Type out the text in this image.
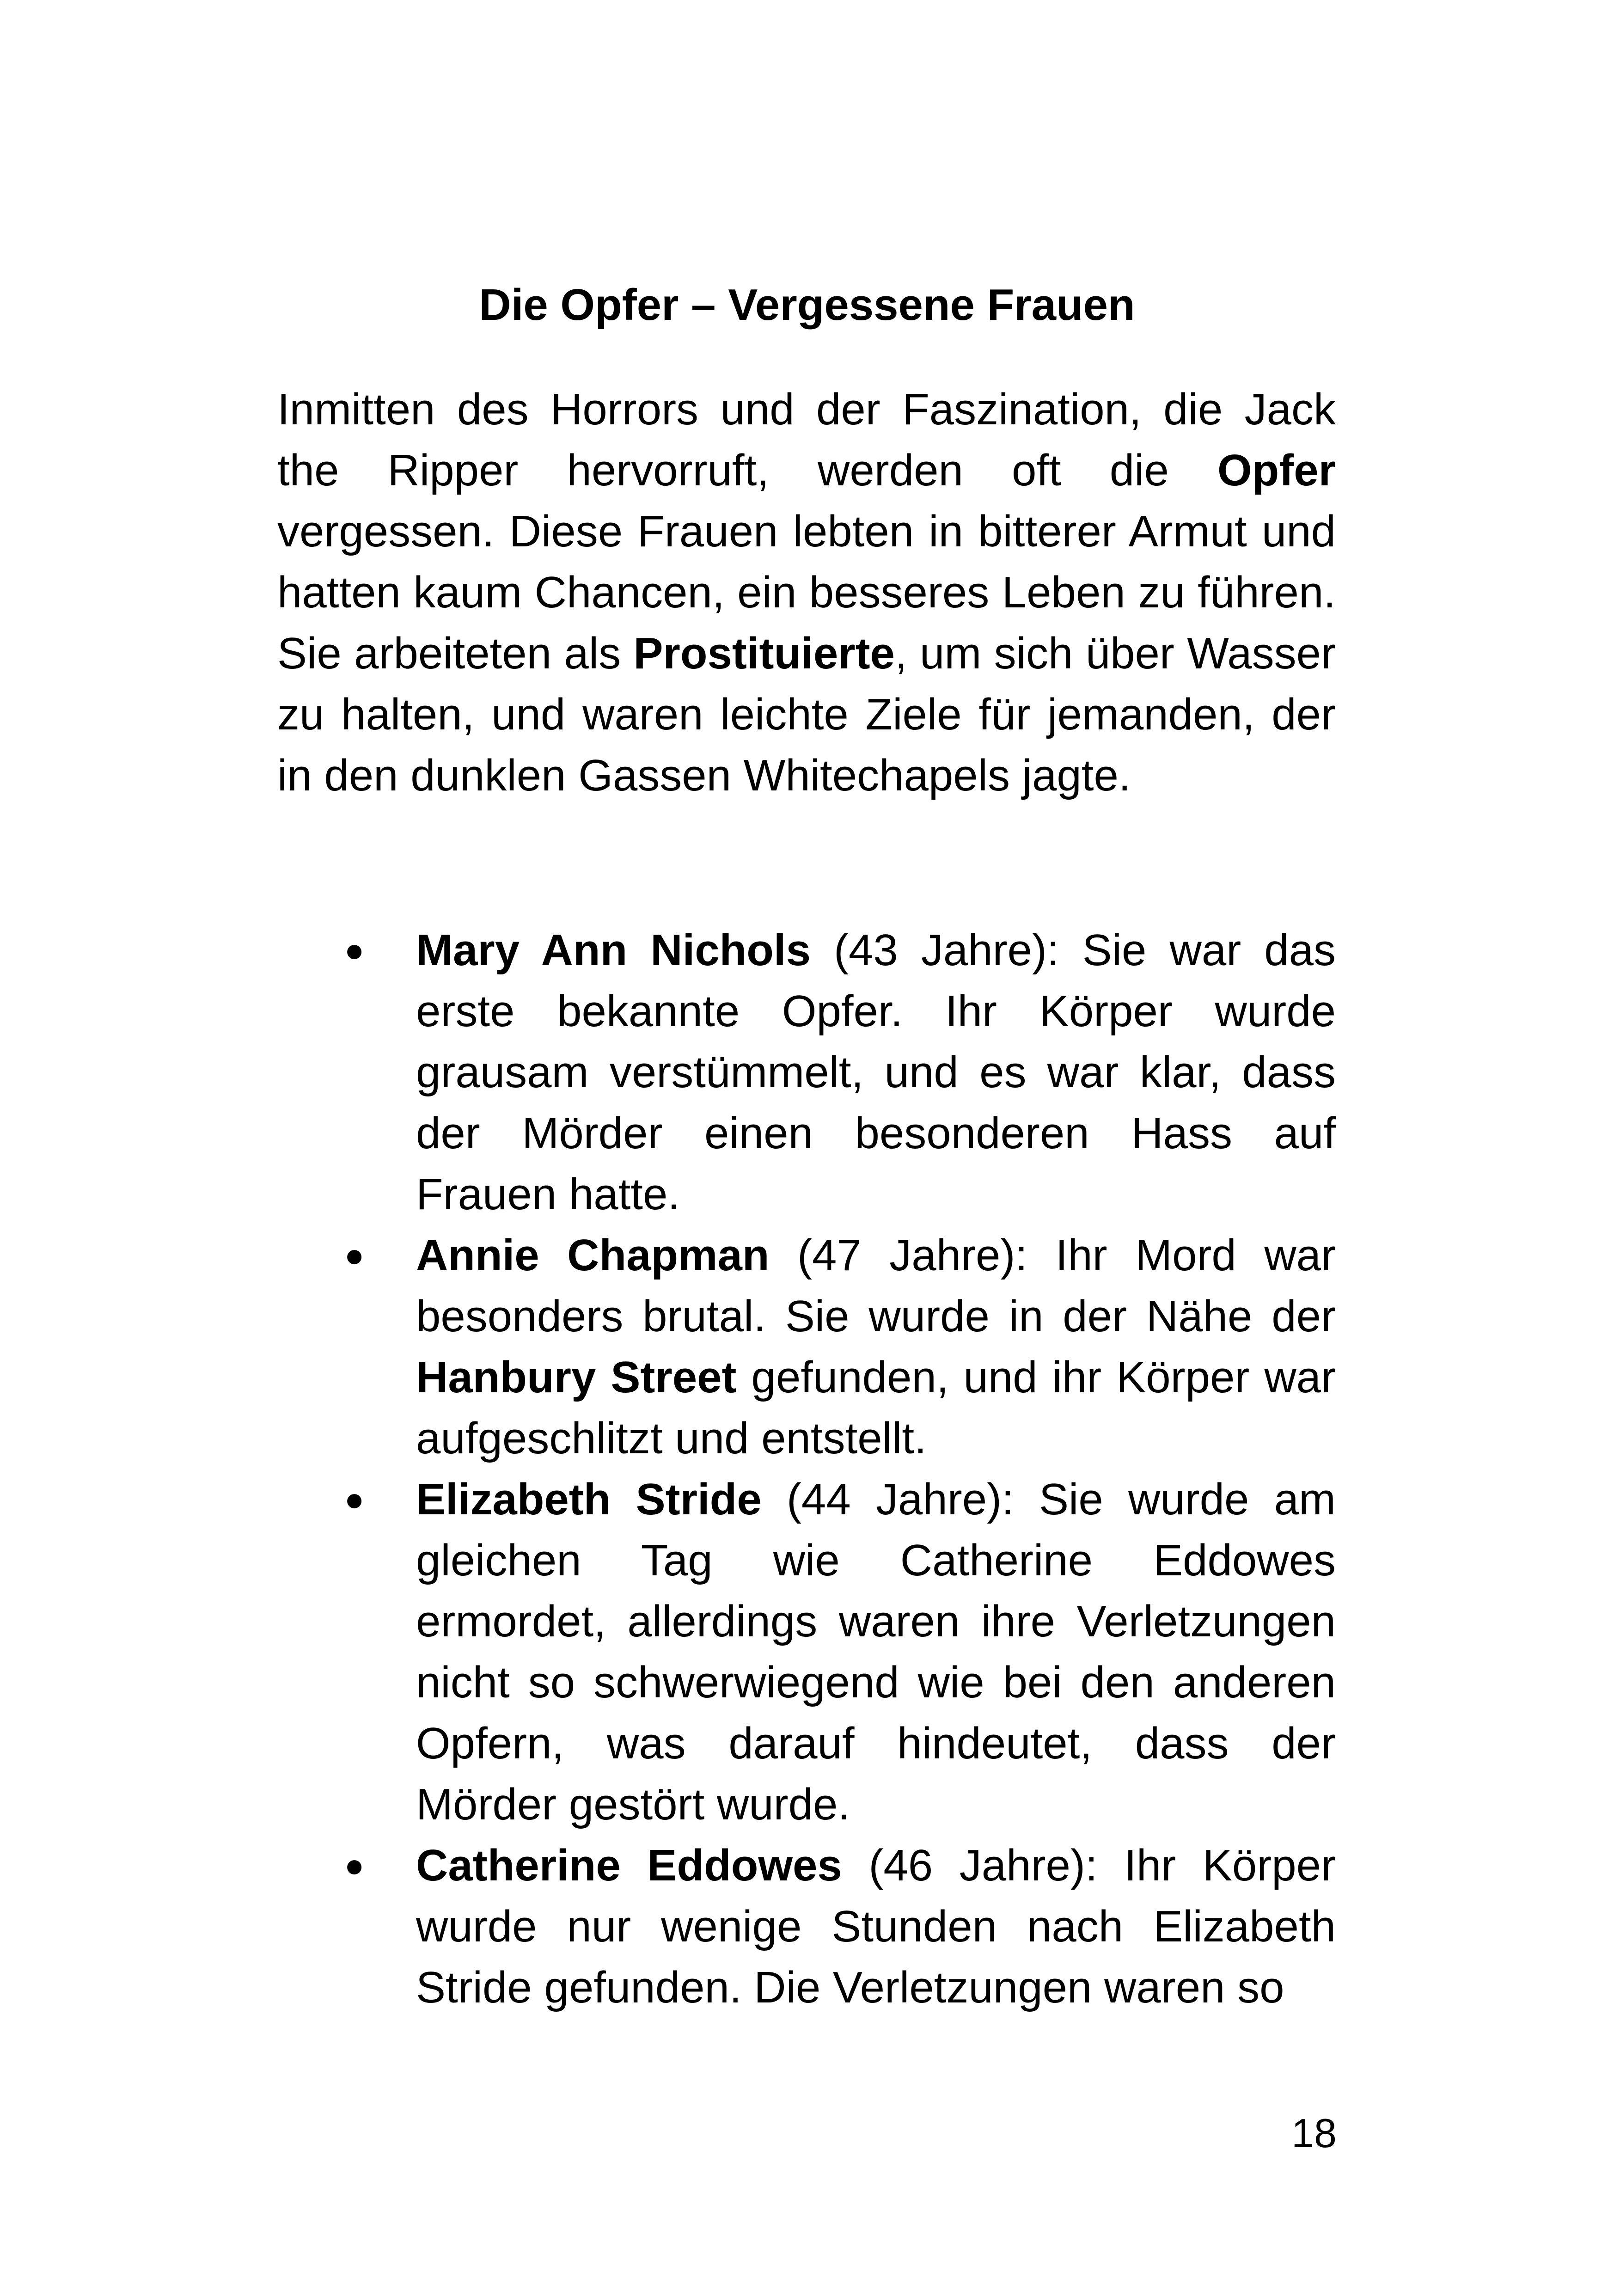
Die Opfer – Vergessene Frauen

Inmitten des Horrors und der Faszination, die Jack the Ripper hervorruft, werden oft die Opfer vergessen. Diese Frauen lebten in bitterer Armut und hatten kaum Chancen, ein besseres Leben zu führen. Sie arbeiteten als Prostituierte, um sich über Wasser zu halten, und waren leichte Ziele für jemanden, der in den dunklen Gassen Whitechapels jagte.

● Mary Ann Nichols (43 Jahre): Sie war das erste bekannte Opfer. Ihr Körper wurde grausam verstümmelt, und es war klar, dass der Mörder einen besonderen Hass auf Frauen hatte.
● Annie Chapman (47 Jahre): Ihr Mord war besonders brutal. Sie wurde in der Nähe der Hanbury Street gefunden, und ihr Körper war aufgeschlitzt und entstellt.
● Elizabeth Stride (44 Jahre): Sie wurde am gleichen Tag wie Catherine Eddowes ermordet, allerdings waren ihre Verletzungen nicht so schwerwiegend wie bei den anderen Opfern, was darauf hindeutet, dass der Mörder gestört wurde.
● Catherine Eddowes (46 Jahre): Ihr Körper wurde nur wenige Stunden nach Elizabeth Stride gefunden. Die Verletzungen waren so
18
